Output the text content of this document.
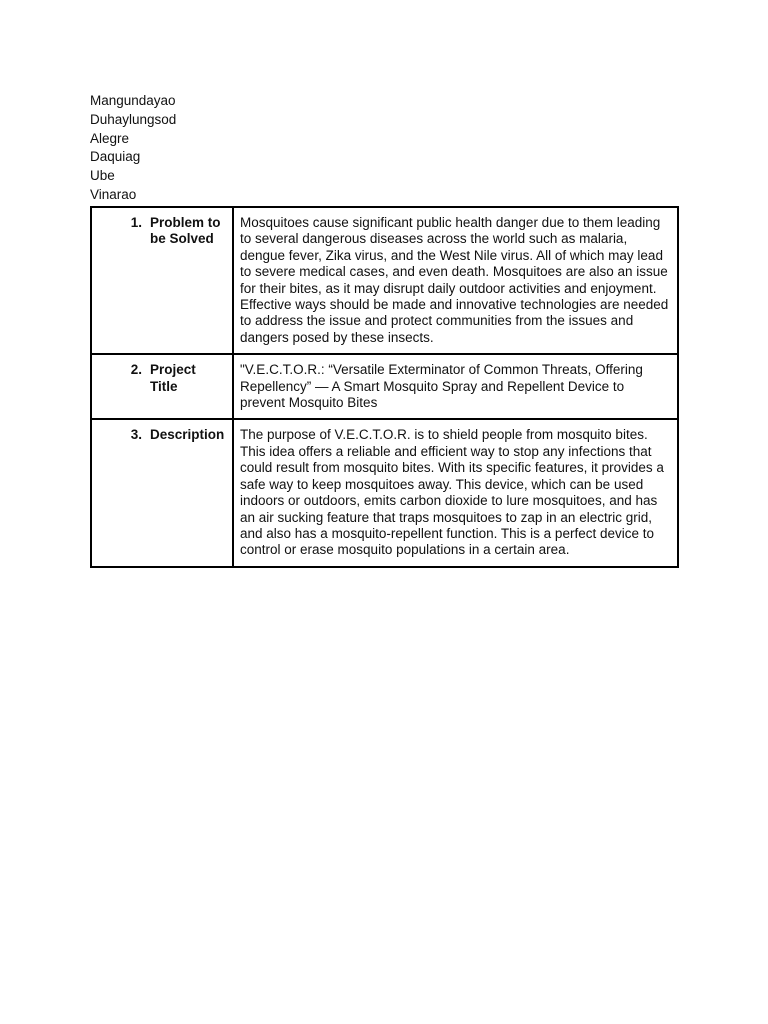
Mangundayao
Duhaylungsod
Alegre
Daquiag
Ube
Vinarao
1. Problem to be Solved	Mosquitoes cause significant public health danger due to them leading to several dangerous diseases across the world such as malaria, dengue fever, Zika virus, and the West Nile virus. All of which may lead to severe medical cases, and even death. Mosquitoes are also an issue for their bites, as it may disrupt daily outdoor activities and enjoyment. Effective ways should be made and innovative technologies are needed to address the issue and protect communities from the issues and dangers posed by these insects.

2. Project Title	"V.E.C.T.O.R.: “Versatile Exterminator of Common Threats, Offering Repellency” — A Smart Mosquito Spray and Repellent Device to prevent Mosquito Bites

3. Description	The purpose of V.E.C.T.O.R. is to shield people from mosquito bites. This idea offers a reliable and efficient way to stop any infections that could result from mosquito bites. With its specific features, it provides a safe way to keep mosquitoes away. This device, which can be used indoors or outdoors, emits carbon dioxide to lure mosquitoes, and has an air sucking feature that traps mosquitoes to zap in an electric grid, and also has a mosquito-repellent function. This is a perfect device to control or erase mosquito populations in a certain area.
